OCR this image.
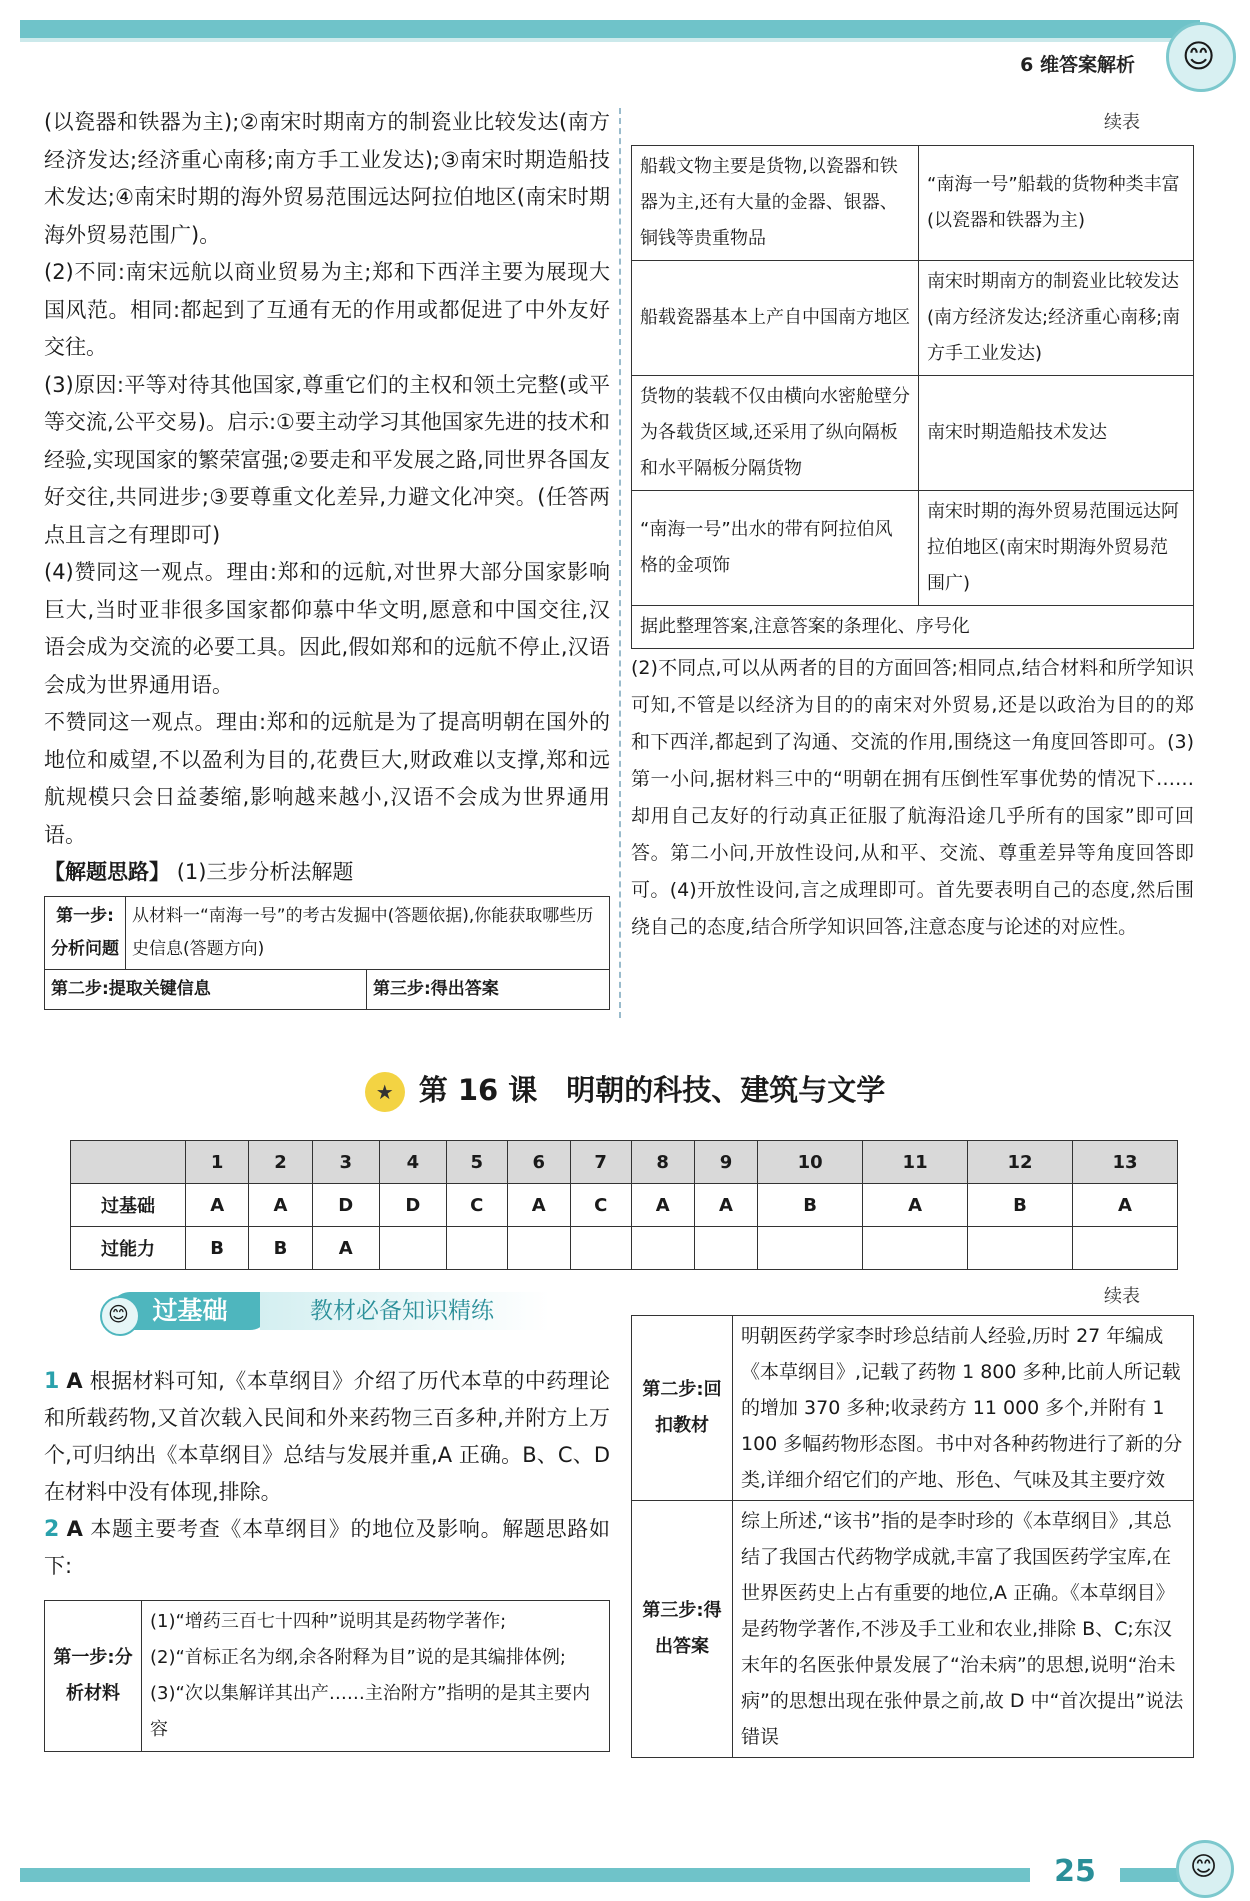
6 维答案解析
😊

(以瓷器和铁器为主);②南宋时期南方的制瓷业比较发达(南方经济发达;经济重心南移;南方手工业发达);③南宋时期造船技术发达;④南宋时期的海外贸易范围远达阿拉伯地区(南宋时期海外贸易范围广)。

(2)不同:南宋远航以商业贸易为主;郑和下西洋主要为展现大国风范。相同:都起到了互通有无的作用或都促进了中外友好交往。

(3)原因:平等对待其他国家,尊重它们的主权和领土完整(或平等交流,公平交易)。启示:①要主动学习其他国家先进的技术和经验,实现国家的繁荣富强;②要走和平发展之路,同世界各国友好交往,共同进步;③要尊重文化差异,力避文化冲突。(任答两点且言之有理即可)

(4)赞同这一观点。理由:郑和的远航,对世界大部分国家影响巨大,当时亚非很多国家都仰慕中华文明,愿意和中国交往,汉语会成为交流的必要工具。因此,假如郑和的远航不停止,汉语会成为世界通用语。

不赞同这一观点。理由:郑和的远航是为了提高明朝在国外的地位和威望,不以盈利为目的,花费巨大,财政难以支撑,郑和远航规模只会日益萎缩,影响越来越小,汉语不会成为世界通用语。

【解题思路】 (1)三步分析法解题

第一步:分析问题	从材料一“南海一号”的考古发掘中(答题依据),你能获取哪些历史信息(答题方向)	
第二步:提取关键信息		第三步:得出答案
续表
船载文物主要是货物,以瓷器和铁器为主,还有大量的金器、银器、铜钱等贵重物品	“南海一号”船载的货物种类丰富(以瓷器和铁器为主)
船载瓷器基本上产自中国南方地区	南宋时期南方的制瓷业比较发达(南方经济发达;经济重心南移;南方手工业发达)
货物的装载不仅由横向水密舱壁分为各载货区域,还采用了纵向隔板和水平隔板分隔货物	南宋时期造船技术发达
“南海一号”出水的带有阿拉伯风格的金项饰	南宋时期的海外贸易范围远达阿拉伯地区(南宋时期海外贸易范围广)
据此整理答案,注意答案的条理化、序号化	

(2)不同点,可以从两者的目的方面回答;相同点,结合材料和所学知识可知,不管是以经济为目的的南宋对外贸易,还是以政治为目的的郑和下西洋,都起到了沟通、交流的作用,围绕这一角度回答即可。(3)第一小问,据材料三中的“明朝在拥有压倒性军事优势的情况下……却用自己友好的行动真正征服了航海沿途几乎所有的国家”即可回答。第二小问,开放性设问,从和平、交流、尊重差异等角度回答即可。(4)开放性设问,言之成理即可。首先要表明自己的态度,然后围绕自己的态度,结合所学知识回答,注意态度与论述的对应性。

★ 第 16 课　明朝的科技、建筑与文学
	1	2	3	4	5	6	7	8	9	10	11	12	13
过基础	A	A	D	D	C	A	C	A	A	B	A	B	A
过能力	B	B	A										
过基础	教材必备知识精练
😊

1 A 根据材料可知,《本草纲目》介绍了历代本草的中药理论和所载药物,又首次载入民间和外来药物三百多种,并附方上万个,可归纳出《本草纲目》总结与发展并重,A 正确。B、C、D 在材料中没有体现,排除。

2 A 本题主要考查《本草纲目》的地位及影响。解题思路如下:

第一步:分析材料	
(1)“增药三百七十四种”说明其是药物学著作;
(2)“首标正名为纲,余各附释为目”说的是其编排体例;
(3)“次以集解详其出产……主治附方”指明的是其主要内容
续表
第二步:回扣教材	明朝医药学家李时珍总结前人经验,历时 27 年编成《本草纲目》,记载了药物 1 800 多种,比前人所记载的增加 370 多种;收录药方 11 000 多个,并附有 1 100 多幅药物形态图。书中对各种药物进行了新的分类,详细介绍它们的产地、形色、气味及其主要疗效
第三步:得出答案	综上所述,“该书”指的是李时珍的《本草纲目》,其总结了我国古代药物学成就,丰富了我国医药学宝库,在世界医药史上占有重要的地位,A 正确。《本草纲目》是药物学著作,不涉及手工业和农业,排除 B、C;东汉末年的名医张仲景发展了“治未病”的思想,说明“治未病”的思想出现在张仲景之前,故 D 中“首次提出”说法错误
25
😊
